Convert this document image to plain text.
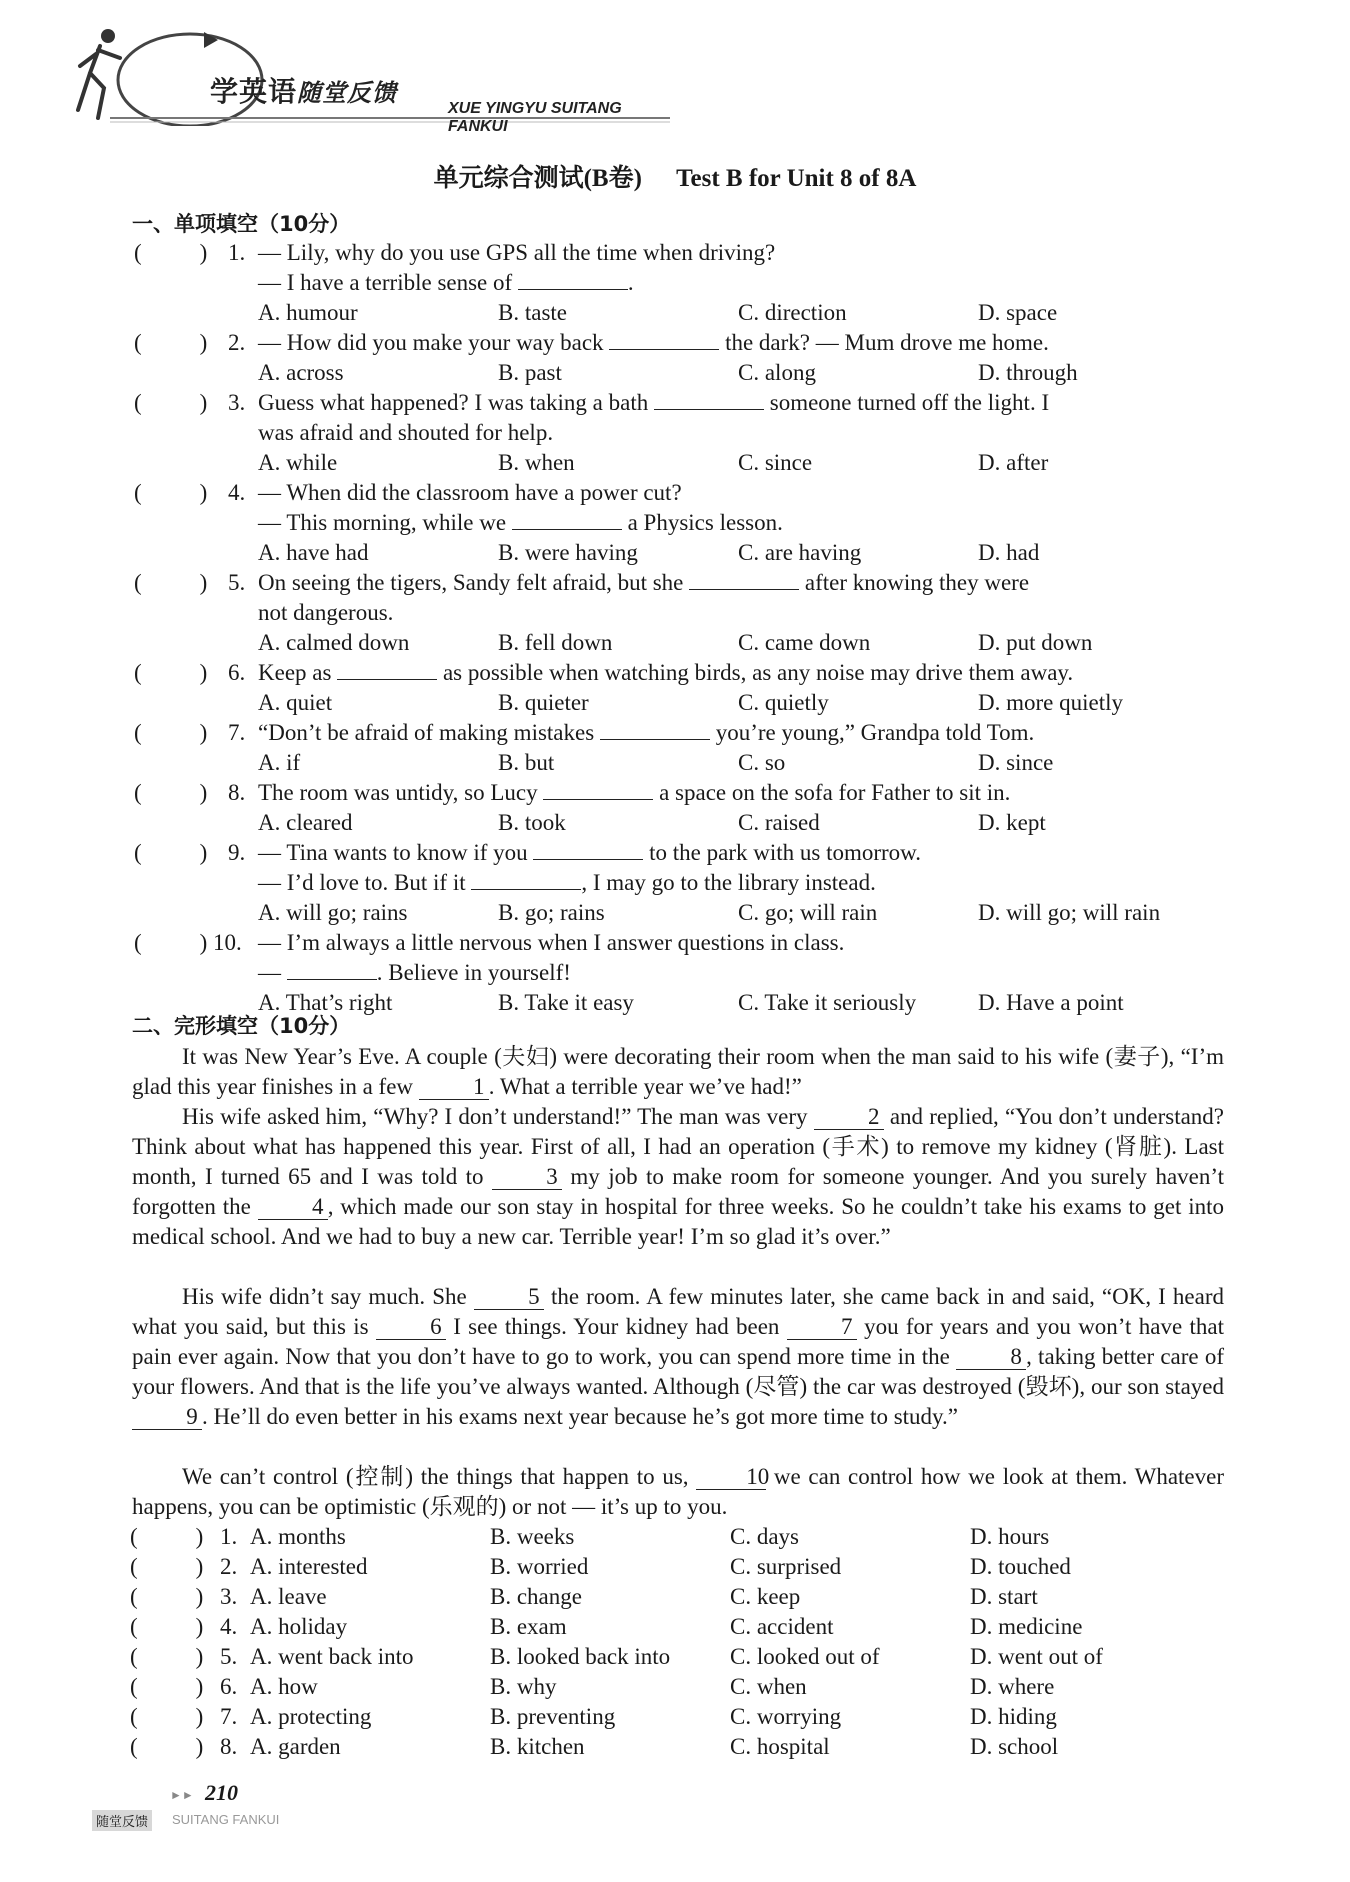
学英语随堂反馈
XUE YINGYU SUITANG FANKUI
单元综合测试(B卷) Test B for Unit 8 of 8A
一、单项填空（10分）
(	) 1. — Lily, why do you use GPS all the time when driving?
— I have a terrible sense of	.
A. humour	B. taste	C. direction	D. space
(	) 2. — How did you make your way back	the dark? — Mum drove me home.
A. across	B. past	C. along	D. through
(	) 3. Guess what happened? I was taking a bath	someone turned off the light. I
was afraid and shouted for help.
A. while	B. when	C. since	D. after
(	) 4. — When did the classroom have a power cut?
— This morning, while we	a Physics lesson.
A. have had	B. were having	C. are having	D. had
(	) 5. On seeing the tigers, Sandy felt afraid, but she	after knowing they were
not dangerous.
A. calmed down	B. fell down	C. came down	D. put down
(	) 6. Keep as	as possible when watching birds, as any noise may drive them away.
A. quiet	B. quieter	C. quietly	D. more quietly
(	) 7. “Don’t be afraid of making mistakes	you’re young,” Grandpa told Tom.
A. if	B. but	C. so	D. since
(	) 8. The room was untidy, so Lucy	a space on the sofa for Father to sit in.
A. cleared	B. took	C. raised	D. kept
(	) 9. — Tina wants to know if you	to the park with us tomorrow.
— I’d love to. But if it	, I may go to the library instead.
A. will go; rains	B. go; rains	C. go; will rain	D. will go; will rain
(	) 10. — I’m always a little nervous when I answer questions in class.
—	. Believe in yourself!
A. That’s right	B. Take it easy	C. Take it seriously	D. Have a point
二、完形填空（10分）
It was New Year’s Eve. A couple (夫妇) were decorating their room when the man said to his wife (妻子), “I’m glad this year finishes in a few 1 . What a terrible year we’ve had!”
His wife asked him, “Why? I don’t understand!” The man was very 2 and replied, “You don’t understand? Think about what has happened this year. First of all, I had an operation (手术) to remove my kidney (肾脏). Last month, I turned 65 and I was told to 3 my job to make room for someone younger. And you surely haven’t forgotten the 4 , which made our son stay in hospital for three weeks. So he couldn’t take his exams to get into medical school. And we had to buy a new car. Terrible year! I’m so glad it’s over.”
His wife didn’t say much. She 5 the room. A few minutes later, she came back in and said, “OK, I heard what you said, but this is 6 I see things. Your kidney had been 7 you for years and you won’t have that pain ever again. Now that you don’t have to go to work, you can spend more time in the 8 , taking better care of your flowers. And that is the life you’ve always wanted. Although (尽管) the car was destroyed (毁坏), our son stayed 9 . He’ll do even better in his exams next year because he’s got more time to study.”
We can’t control (控制) the things that happen to us, 10 we can control how we look at them. Whatever happens, you can be optimistic (乐观的) or not — it’s up to you.
(	) 1. A. months	B. weeks	C. days	D. hours
(	) 2. A. interested	B. worried	C. surprised	D. touched
(	) 3. A. leave	B. change	C. keep	D. start
(	) 4. A. holiday	B. exam	C. accident	D. medicine
(	) 5. A. went back into	B. looked back into	C. looked out of	D. went out of
(	) 6. A. how	B. why	C. when	D. where
(	) 7. A. protecting	B. preventing	C. worrying	D. hiding
(	) 8. A. garden	B. kitchen	C. hospital	D. school
►► 210
随堂反馈	SUITANG FANKUI
